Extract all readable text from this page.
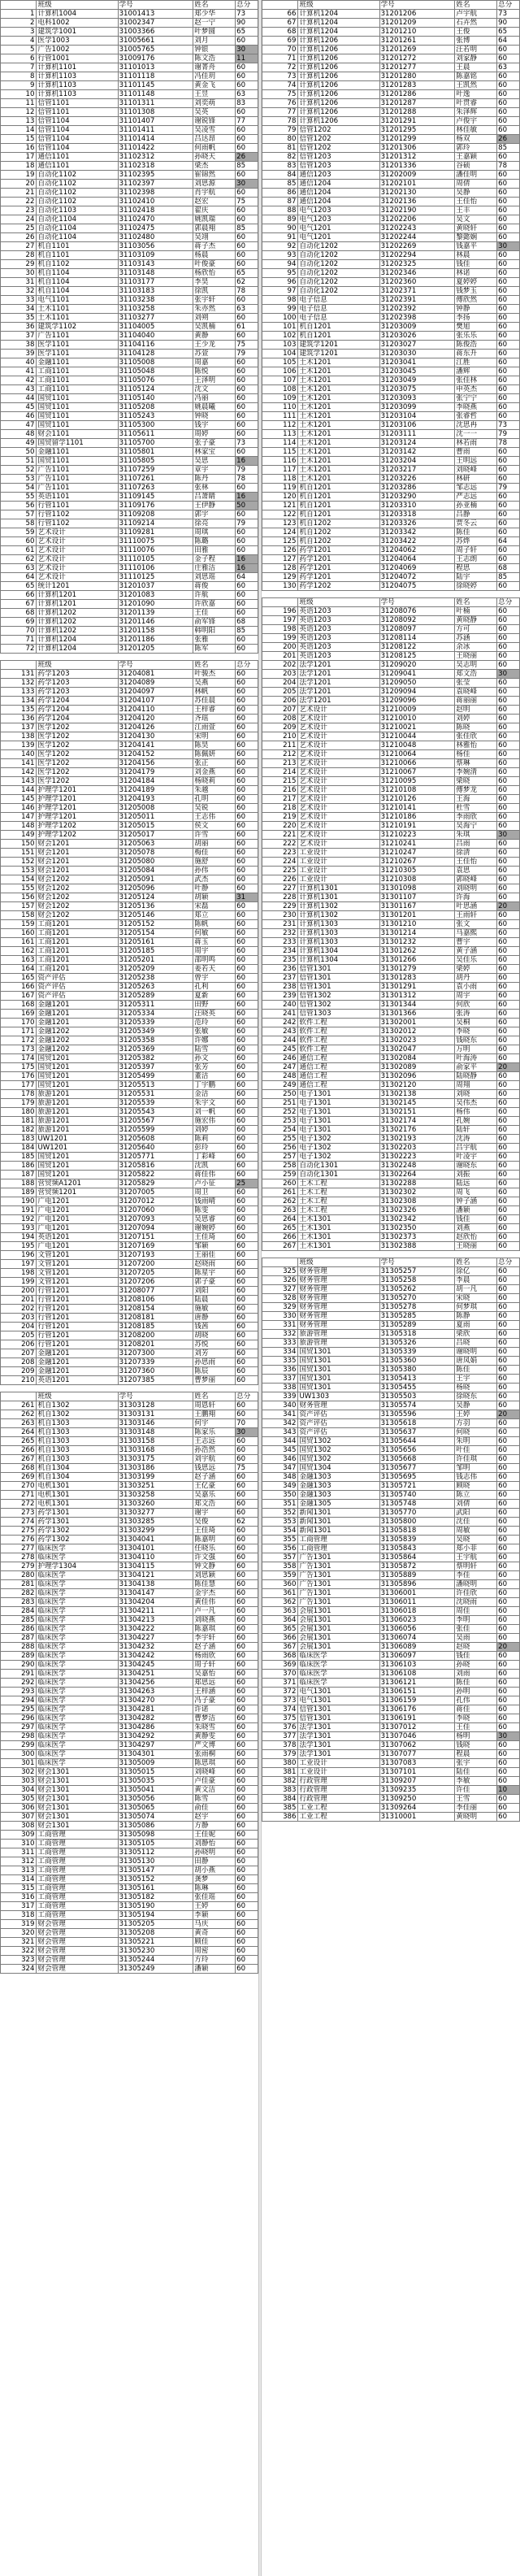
	班级	学号	姓名	总分
1	计算机1004	31001413	郑少华	73
2	电科1002	31002347	赵一宁	90
3	建筑学1001	31003366	叶梦圆	65
4	医学1003	31005661	刘月	60
5	广告1002	31005765	钟银	30
6	行管1001	31009176	陈文浩	11
7	计算机1101	31101013	谢菁舟	60
8	计算机1103	31101118	冯佳玥	60
9	计算机1103	31101145	黄金飞	60
10	计算机1103	31101148	王昱	63
11	信管1101	31101311	刘奕萌	83
12	信管1101	31101308	吴英	60
13	信管1104	31101407	谢锐锋	77
14	信管1104	31101411	吴凌雪	60
15	信管1104	31101414	吕达昂	60
16	信管1104	31101422	何雨帆	60
17	通信1101	31102312	孙晓天	26
18	通信1101	31102318	梁杰	85
19	自动化1102	31102395	崔锦然	60
20	自动化1102	31102397	刘思源	30
21	自动化1102	31102398	肖宇航	60
22	自动化1102	31102410	赵宏	75
23	自动化1103	31102418	翟庆	60
24	自动化1104	31102470	姚凯瑞	60
25	自动化1104	31102475	郭晨翔	85
26	自动化1104	31102480	吴翊	60
27	机自1101	31103056	蒋子杰	60
28	机自1101	31103109	杨晨	60
29	机自1102	31103143	叶俊豪	60
30	机自1104	31103148	杨欣怡	65
31	机自1104	31103177	李昊	62
32	机自1104	31103183	徐凯	78
33	电气1101	31103238	张宇轩	60
34	土木1101	31103258	朱亦然	63
35	土木1101	31103277	刘朔	60
36	建筑学1102	31104005	吴凯楠	61
37	广告1101	31104040	黄静	60
38	医学1101	31104116	王少龙	75
39	医学1101	31104128	苏萱	79
40	金融1101	31105008	周嘉	60
41	工商1101	31105048	陈悦	60
42	工商1101	31105076	王泽明	60
43	工商1101	31105124	沈文	60
44	国贸1101	31105140	冯丽	60
45	国贸1101	31105208	姚晨曦	60
46	国贸1101	31105243	钟晓	60
47	国贸1101	31105300	钱宇	60
48	财会1101	31105611	周婷	60
49	国贸留学1101	31105700	张子豪	73
50	金融1101	31105801	林家宝	60
51	国贸1101	31105805	吴思	16
52	广告1101	31107259	章宇	79
53	广告1101	31107261	陈丹	78
54	广告1101	31107263	张林	60
55	英语1101	31109145	吕萧睛	16
56	行管1101	31109176	王伊静	50
57	行管1102	31109208	郭宇	60
58	行管1102	31109214	徐亮	79
59	艺术设计	31109281	周琪	60
60	艺术设计	31110075	陈璐	60
61	艺术设计	31110076	田雅	60
62	艺术设计	31110105	金子程	16
63	艺术设计	31110106	庄雅洁	16
64	艺术设计	31110125	刘思瑶	64
65	统计1201	31201037	蒋俊	60
66	计算机1201	31201083	许航	60
67	计算机1201	31201090	许欣嘉	60
68	计算机1202	31201139	王佳	60
69	计算机1202	31201146	俞军锋	68
70	计算机1202	31201158	韩明阳	85
71	计算机1204	31201186	张雅	60
72	计算机1204	31201205	陈军	60
	班级	学号	姓名	总分
131	药学1203	31204081	叶骏杰	60
132	药学1203	31204089	吴燕	60
133	药学1203	31204097	林帆	60
134	药学1204	31204107	苏佳晨	60
135	药学1204	31204110	王梓睿	60
136	药学1204	31204120	齐瑶	60
137	医学1202	31204126	江雨萱	60
138	医学1202	31204130	宋明	60
139	医学1202	31204141	陈昊	60
140	医学1202	31204152	陈佩妍	60
141	医学1202	31204156	张正	60
142	医学1202	31204179	刘金燕	60
143	医学1202	31204184	杨晓莉	60
144	护理学1201	31204189	朱越	60
145	护理学1201	31204193	孔明	60
146	护理学1201	31205008	吴锐	60
147	护理学1201	31205011	王志伟	60
148	护理学1202	31205015	侯文	60
149	护理学1202	31205017	许雪	60
150	财会1201	31205063	胡丽	60
151	财会1201	31205078	梅佳	60
152	财会1201	31205080	施舒	60
153	财会1201	31205084	孙伟	60
154	财会1202	31205091	武杰	60
155	财会1202	31205096	叶静	60
156	财会1202	31205124	胡颖	31
157	财会1202	31205136	宋磊	60
158	财会1202	31205146	郑立	60
159	工商1201	31205152	陈帆	60
160	工商1201	31205154	何敏	60
161	工商1201	31205161	蒋玉	60
162	工商1201	31205185	周宇	60
163	工商1201	31205201	邵明鸣	60
164	工商1201	31205209	姜若天	60
165	资产评估	31205238	曾宇	60
166	资产评估	31205263	孔利	60
167	资产评估	31205289	夏新	60
168	金融1201	31205311	田野	60
169	金融1201	31205334	汪晓英	60
170	金融1201	31205339	范玲	60
171	金融1202	31205349	张敏	60
172	金融1202	31205358	许娜	60
173	金融1202	31205369	陆雪	60
174	国贸1201	31205382	孙文	60
175	国贸1201	31205397	张芳	60
176	国贸1201	31205499	董洁	60
177	国贸1201	31205513	丁宇鹏	60
178	旅游1201	31205531	金洁	60
179	旅游1201	31205539	朱宇文	60
180	旅游1201	31205543	刘一帆	60
181	旅游1201	31205567	施宏伟	60
182	旅游1201	31205599	刘婷	60
183	UW1201	31205608	陈莉	60
184	UW1201	31205640	彭玲	60
185	国贸1201	31205771	丁彩峰	60
186	国贸1201	31205816	沈凯	60
187	国贸1201	31205822	蒋佳伟	60
188	营贸频A1201	31205829	卢小征	25
189	营贸频1201	31207005	周卫	60
190	广电1201	31207012	钱雨晴	60
191	广电1201	31207060	陈雯	60
192	广电1201	31207093	吴思睿	60
193	广电1201	31207094	谢婉婷	60
194	英语1201	31207151	王佳琦	60
195	广电1201	31207169	邹颖	60
196	文管1201	31207193	王丽佳	60
197	文管1201	31207200	赵晓雨	60
198	文管1201	31207205	陈星宇	60
199	文管1201	31207206	郭子豪	60
200	行管1201	31208077	刘阳	60
201	行管1201	31208106	陆晨	60
202	行管1201	31208154	施敏	60
203	行管1201	31208181	唐静	60
204	行管1201	31208185	钱茜	60
205	行管1201	31208200	胡晓	60
206	行管1201	31208201	苏悦	60
207	金融1201	31207300	刘芳	60
208	金融1201	31207339	孙思雨	60
209	金融1201	31207360	陈辰	60
210	英语1201	31207385	曹梦丽	60
	班级	学号	姓名	总分
261	机自1302	31303128	周恩轩	60
262	机自1302	31303131	王鹏翔	60
263	机自1303	31303146	何宇	70
264	机自1303	31303148	陈家乐	30
265	机自1303	31303158	王志远	60
266	机自1303	31303168	孙浩然	60
267	机自1303	31303175	刘宇航	60
268	机自1304	31303186	钱思远	75
269	机自1304	31303199	赵子涵	60
270	电机1301	31303251	王亿豪	60
271	电机1301	31303258	吴嘉乐	60
272	电机1301	31303260	郑文浩	60
273	药学1301	31303277	谢宇	60
274	药学1301	31303285	吴俊	62
275	药学1302	31303299	王佳琦	60
276	药学1302	31304041	陈嘉明	60
277	临床医学	31304101	任晓乐	60
278	临床医学	31304110	许文强	60
279	护理学1304	31304115	钟文静	60
280	临床医学	31304121	刘思颖	60
281	临床医学	31304138	陈佳慧	60
282	临床医学	31304147	金宇杰	60
283	临床医学	31304204	黄佳伟	60
284	临床医学	31304211	卢一凡	60
285	临床医学	31304213	刘晓燕	60
286	临床医学	31304222	陈嘉琪	60
287	临床医学	31304227	李宇轩	60
288	临床医学	31304232	赵子涵	60
289	临床医学	31304242	杨雨欣	60
290	临床医学	31304245	周子轩	60
291	临床医学	31304251	吴嘉怡	60
292	临床医学	31304256	郑思远	60
293	临床医学	31304263	王梓涵	60
294	临床医学	31304270	冯子豪	60
295	临床医学	31304281	许诺	60
296	临床医学	31304282	曹梦洁	60
297	临床医学	31304286	朱晓雪	60
298	临床医学	31304292	黄静雯	60
299	临床医学	31304297	严文博	60
300	临床医学	31304301	张雨桐	60
301	临床医学	31305009	陈思琪	60
302	财会1301	31305015	刘晓峰	60
303	财会1301	31305035	卢佳豪	60
304	财会1301	31305041	黄文洁	60
305	财会1301	31305056	陈雪	60
306	财会1301	31305065	俞佳	60
307	财会1301	31305074	赵宇	60
308	财会1301	31305086	方静	60
309	工商管理	31305098	王佳妮	60
310	工商管理	31305105	刘静怡	60
311	工商管理	31305112	孙晓明	60
312	工商管理	31305130	田静	60
313	工商管理	31305147	胡小燕	60
314	工商管理	31305152	龚梦	60
315	工商管理	31305161	陈琳	60
316	工商管理	31305182	张佳瑶	60
317	工商管理	31305190	王婷	60
318	工商管理	31305194	李颖	60
319	财会管理	31305205	马庆	60
320	财会管理	31305208	黄奇	60
321	财会管理	31305221	顾佳	60
322	财会管理	31305230	周密	60
323	财会管理	31305244	方玲	60
324	财会管理	31305249	潘颖	60
	班级	学号	姓名	总分
66	计算机1204	31201206	卢宇航	73
67	计算机1204	31201209	石卉然	90
68	计算机1204	31201210	王俊	65
69	计算机1206	31201261	张博	64
70	计算机1206	31201269	汪若明	60
71	计算机1206	31201272	刘家静	60
72	计算机1206	31201277	王晨	63
73	计算机1206	31201280	陈嘉铭	60
74	计算机1206	31201283	王凯然	60
75	计算机1206	31201286	叶逸	60
76	计算机1206	31201287	叶贯睿	60
77	计算机1206	31201288	朱泽辉	60
78	计算机1206	31201291	卢俊宇	60
79	信管1202	31201295	林佳敏	60
80	信管1202	31201299	杨双	26
81	信管1202	31201306	郭玲	85
82	信管1203	31201312	王嘉颖	60
83	信管1203	31201336	谷硕	78
84	通信1203	31202009	潘佳明	60
85	通信1204	31202101	周倩	60
86	通信1204	31202130	吴静	60
87	通信1204	31202136	王佳怡	60
88	电气1203	31202190	王丰	60
89	电气1203	31202206	吴文	60
90	电气1201	31202243	黄晓轩	60
91	电气1201	31202244	黎懿娴	60
92	自动化1202	31202269	钱嘉平	30
93	自动化1202	31202294	林晨	60
94	自动化1202	31202325	钱佳	60
95	自动化1202	31202346	林诺	60
96	自动化1202	31202360	夏婷婷	60
97	自动化1202	31202371	钱梦玉	60
98	电子信息	31202391	傅欣然	60
99	电子信息	31202392	钟静	60
100	电子信息	31202398	李扬	60
101	机自1201	31203009	樊旭	60
102	机自1201	31203026	张乐乐	60
103	建筑学1201	31203027	陈俊浩	60
104	建筑学1201	31203030	蒋东升	60
105	土木1201	31203041	江胜	60
106	土木1201	31203045	潘辉	60
107	土木1201	31203049	张佳林	60
108	土木1201	31203075	申英杰	60
109	土木1201	31203093	张宁宁	60
110	土木1201	31203099	李晓燕	60
111	土木1201	31203104	张睿哲	60
112	土木1201	31203106	沈思冉	73
113	土木1201	31203111	沈一一	79
114	土木1201	31203124	林若雨	78
115	土木1201	31203142	曹雨	60
116	土木1201	31203204	王明远	60
117	土木1201	31203217	刘晓峰	60
118	土木1201	31203226	林研	60
119	机自1201	31203286	邹志远	79
120	机自1201	31203290	严志远	60
121	机自1201	31203310	孙亚楠	60
122	机自1201	31203318	吕静	60
123	机自1202	31203326	贾冬云	60
124	机自1202	31203342	陈佳	60
125	机自1202	31203422	苏烨	64
126	药学1201	31204062	周子轩	60
127	药学1201	31204064	王志朗	60
128	药学1201	31204069	程思	68
129	药学1201	31204072	陆宇	85
130	药学1202	31204075	徐晓婷	60
	班级	学号	姓名	总分
196	英语1203	31208076	叶楠	60
197	英语1203	31208092	黄晓静	60
198	英语1203	31208097	方可	60
199	英语1203	31208114	苏涵	60
200	英语1203	31208122	余冰	60
201	英语1203	31208125	王晓丽	60
202	法学1201	31209020	吴志明	60
203	法学1201	31209041	郑文浩	30
204	法学1201	31209050	张莹	60
205	法学1201	31209094	袁晓峰	60
206	法学1201	31209096	蒋丽丽	60
207	艺术设计	31210009	赵明	60
208	艺术设计	31210010	刘婷	60
209	艺术设计	31210021	陈晓	60
210	艺术设计	31210044	张佳欣	60
211	艺术设计	31210048	林雅怡	60
212	艺术设计	31210064	杨佳	60
213	艺术设计	31210066	蔡琳	60
214	艺术设计	31210067	李婉清	60
215	艺术设计	31210095	梁晓	60
216	艺术设计	31210108	傅梦龙	60
217	艺术设计	31210126	王海	60
218	艺术设计	31210141	杜雪	60
219	艺术设计	31210186	李雨欣	60
220	艺术设计	31210191	吴海宁	60
221	艺术设计	31210223	朱琪	30
222	艺术设计	31210241	吕雨	60
223	工业设计	31210247	徐清	60
224	工业设计	31210267	王佳怡	60
225	工业设计	31210305	袁思	60
226	工业设计	31210308	郭晓峰	60
227	计算机1301	31301098	刘晓明	60
228	计算机1301	31301107	许海	60
229	计算机1302	31301167	叶思涵	20
230	计算机1302	31301201	王雨轩	60
231	计算机1303	31301210	张文	60
232	计算机1303	31301214	马嘉熙	60
233	计算机1303	31301232	曹宇	60
234	计算机1304	31301262	黄子涵	60
235	计算机1304	31301266	吴佳乐	60
236	信管1301	31301279	梁婷	60
237	信管1301	31301283	胡丹	60
238	信管1301	31301291	袁小雨	60
239	信管1302	31301312	周宇	60
240	信管1302	31301344	何欣	60
241	信管1303	31301366	张涛	60
242	软件工程	31302001	吴桐	60
243	软件工程	31302012	李晓	60
244	软件工程	31302023	钱晓东	60
245	软件工程	31302047	万明	60
246	通信工程	31302084	叶海涛	60
247	通信工程	31302089	俞家平	20
248	通信工程	31302096	陆晓静	60
249	通信工程	31302120	周翔	60
250	电子1301	31302138	刘晓	60
251	电子1301	31302145	吴伟杰	60
252	电子1301	31302151	杨伟	60
253	电子1301	31302174	孔婉	60
254	电子1301	31302176	陆轩	60
255	电子1302	31302193	沈涛	60
256	电子1302	31302203	吕宇航	60
257	电子1302	31302223	叶凌宇	60
258	自动化1301	31302248	谢晓东	60
259	自动化1301	31302264	刘振	60
260	土木工程	31302288	陆远	60
261	土木工程	31302302	周飞	60
262	土木工程	31302308	钟子涵	60
263	土木工程	31302326	潘颖	60
264	土木1301	31302342	钱佳	60
265	土木1301	31302350	刘燕	60
266	土木1301	31302373	赵欣怡	60
267	土木1301	31302388	王晓丽	60
	班级	学号	姓名	总分
325	财务管理	31305257	徐亿	60
326	财务管理	31305258	李晨	60
327	财务管理	31305262	胡一凡	60
328	财务管理	31305270	宋晓	60
329	财务管理	31305278	何梦琪	60
330	财务管理	31305285	陈静	60
331	财务管理	31305289	夏雨	60
332	旅游管理	31305318	梁欣	60
333	旅游管理	31305326	吕晓	60
334	国贸1301	31305339	谢晓明	60
335	国贸1301	31305360	唐凤娟	60
336	国贸1301	31305380	陈佳	60
337	国贸1301	31305413	王宇	60
338	国贸1301	31305455	杨晓	60
339	UW1303	31305503	徐晓东	60
340	财务管理	31305574	吴静	60
341	资产评估	31305596	王婷	20
342	资产评估	31305618	方羽	60
343	资产评估	31305637	何晓	60
344	国贸1302	31305644	朱明	60
345	国贸1302	31305656	叶佳	60
346	国贸1302	31305668	许佳琪	60
347	国贸1304	31305677	邹明	60
348	金融1303	31305695	钱志伟	60
349	金融1303	31305721	顾晓	60
350	金融1303	31305740	陈立	60
351	金融1305	31305748	刘倩	60
352	新闻1301	31305770	武阳	60
353	新闻1301	31305800	沈佳	60
354	新闻1301	31305818	周敏	60
355	工商管理	31305839	吴晓	60
356	工商管理	31305843	郑小菲	60
357	广告1301	31305864	王宇航	60
358	广告1301	31305872	蔡明轩	60
359	广告1301	31305889	李佳	60
360	广告1301	31305896	潘晓明	60
361	广告1301	31306001	许佳欣	60
362	广告1301	31306011	沈晓雨	60
363	会展1301	31306018	周佳	60
364	会展1301	31306023	李明	60
365	会展1301	31306056	张佳	60
366	会展1301	31306074	吴雨	60
367	会展1301	31306089	赵晓	20
368	临床医学	31306097	钱佳	60
369	临床医学	31306103	孙晓	60
370	临床医学	31306108	刘雨	60
371	临床医学	31306121	陈佳	60
372	电气1301	31306151	孙明	60
373	电气1301	31306159	孔伟	60
374	信管1301	31306176	蒋佳	60
375	信管1301	31306191	李晓	60
376	法学1301	31307012	王佳	60
377	法学1301	31307046	杨明	30
378	法学1301	31307062	钱晓	60
379	法学1301	31307077	程晨	60
380	工业设计	31307083	张宇	60
381	工业设计	31307101	陆佳	60
382	行政管理	31309207	李敏	60
383	行政管理	31309235	许佳	10
384	行政管理	31309250	王雪	60
385	工业工程	31309264	李佳丽	60
386	工业工程	31310001	黄晓明	60
